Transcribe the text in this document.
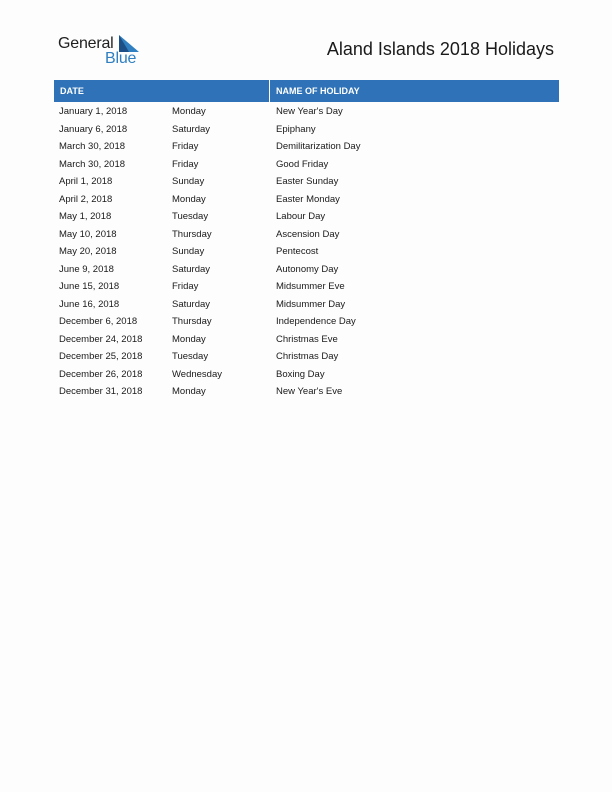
General
Blue	Aland Islands 2018 Holidays
DATE	NAME OF HOLIDAY
January 1, 2018	Monday	New Year's Day
January 6, 2018	Saturday	Epiphany
March 30, 2018	Friday	Demilitarization Day
March 30, 2018	Friday	Good Friday
April 1, 2018	Sunday	Easter Sunday
April 2, 2018	Monday	Easter Monday
May 1, 2018	Tuesday	Labour Day
May 10, 2018	Thursday	Ascension Day
May 20, 2018	Sunday	Pentecost
June 9, 2018	Saturday	Autonomy Day
June 15, 2018	Friday	Midsummer Eve
June 16, 2018	Saturday	Midsummer Day
December 6, 2018	Thursday	Independence Day
December 24, 2018	Monday	Christmas Eve
December 25, 2018	Tuesday	Christmas Day
December 26, 2018	Wednesday	Boxing Day
December 31, 2018	Monday	New Year's Eve
